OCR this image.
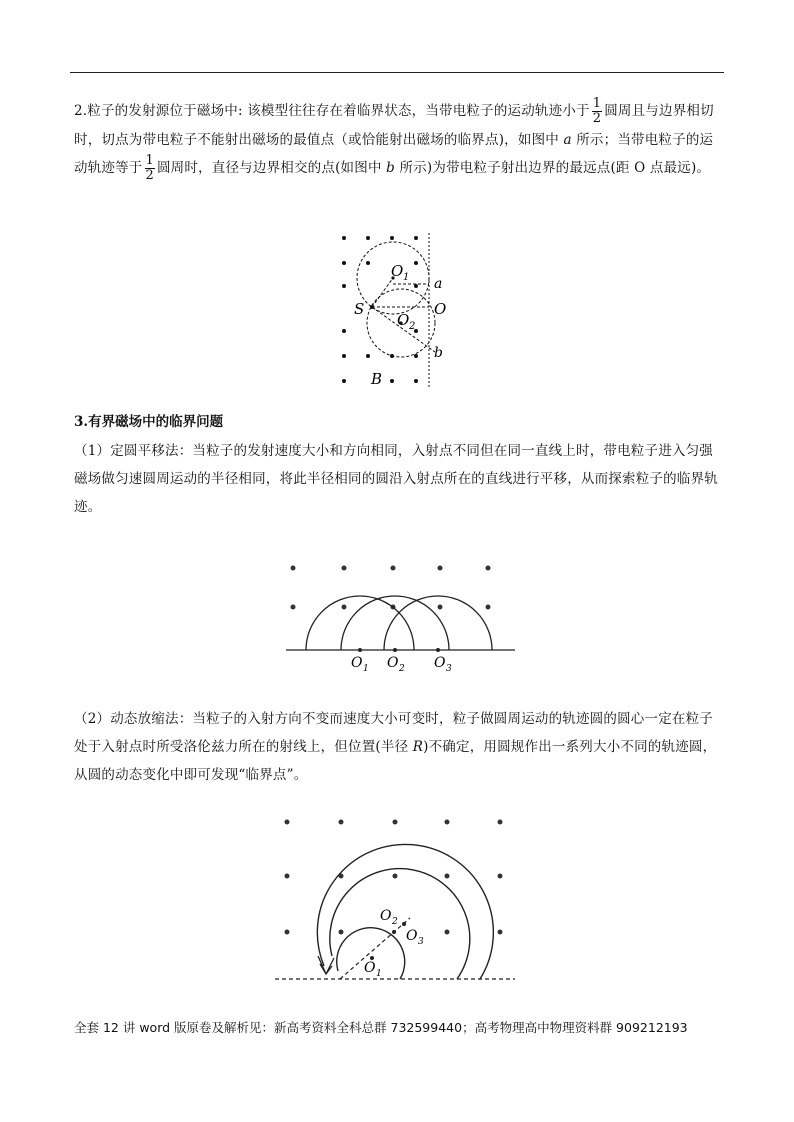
2.粒子的发射源位于磁场中: 该模型往往存在着临界状态，当带电粒子的运动轨迹小于 $\frac{1}{2}$ 圆周且与边界相切时，切点为带电粒子不能射出磁场的最值点（或恰能射出磁场的临界点)，如图中 a 所示；当带电粒子的运动轨迹等于 $\frac{1}{2}$ 圆周时，直径与边界相交的点(如图中 b 所示)为带电粒子射出边界的最远点(距 O 点最远)。
O 1 a
S	O
O 2
b
B
3.有界磁场中的临界问题
（1）定圆平移法：当粒子的发射速度大小和方向相同，入射点不同但在同一直线上时，带电粒子进入匀强磁场做匀速圆周运动的半径相同，将此半径相同的圆沿入射点所在的直线进行平移，从而探索粒子的临界轨迹。
O 1 O 2 O 3
（2）动态放缩法：当粒子的入射方向不变而速度大小可变时，粒子做圆周运动的轨迹圆的圆心一定在粒子处于入射点时所受洛伦兹力所在的射线上，但位置(半径 R)不确定，用圆规作出一系列大小不同的轨迹圆，从圆的动态变化中即可发现“临界点”。
O 1
O 2
O 3
全套 12 讲 word 版原卷及解析见：新高考资料全科总群 732599440；高考物理高中物理资料群 909212193
